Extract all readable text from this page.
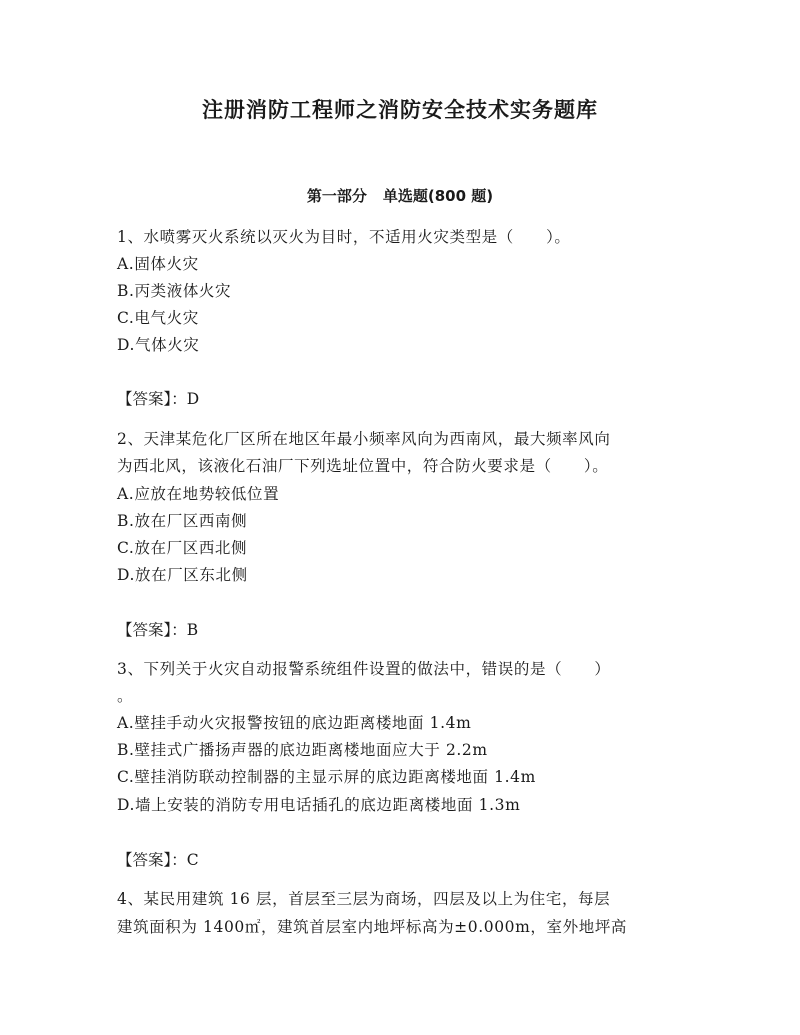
注册消防工程师之消防安全技术实务题库
第一部分 单选题(800 题)
1、水喷雾灭火系统以灭火为目时，不适用火灾类型是（　　）。
A.固体火灾
B.丙类液体火灾
C.电气火灾
D.气体火灾
【答案】：D
2、天津某危化厂区所在地区年最小频率风向为西南风，最大频率风向
为西北风，该液化石油厂下列选址位置中，符合防火要求是（　　）。
A.应放在地势较低位置
B.放在厂区西南侧
C.放在厂区西北侧
D.放在厂区东北侧
【答案】：B
3、下列关于火灾自动报警系统组件设置的做法中，错误的是（　　）
。
A.壁挂手动火灾报警按钮的底边距离楼地面 1.4m
B.壁挂式广播扬声器的底边距离楼地面应大于 2.2m
C.壁挂消防联动控制器的主显示屏的底边距离楼地面 1.4m
D.墙上安装的消防专用电话插孔的底边距离楼地面 1.3m
【答案】：C
4、某民用建筑 16 层，首层至三层为商场，四层及以上为住宅，每层
建筑面积为 1400㎡，建筑首层室内地坪标高为±0.000m，室外地坪高
